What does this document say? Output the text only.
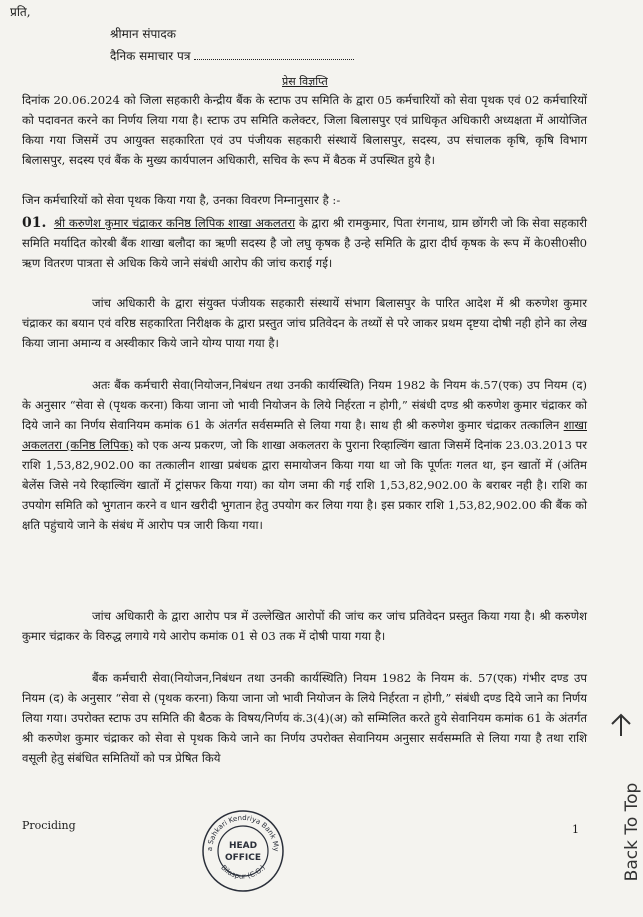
प्रति,
श्रीमान संपादक
दैनिक समाचार पत्र
प्रेस विज्ञप्ति
दिनांक 20.06.2024 को जिला सहकारी केन्द्रीय बैंक के स्टाफ उप समिति के द्वारा 05 कर्मचारियों को सेवा पृथक एवं 02 कर्मचारियों को पदावनत करने का निर्णय लिया गया है। स्टाफ उप समिति कलेक्टर, जिला बिलासपुर एवं प्राधिकृत अधिकारी अध्यक्षता में आयोजित किया गया जिसमें उप आयुक्त सहकारिता एवं उप पंजीयक सहकारी संस्थायें बिलासपुर, सदस्य, उप संचालक कृषि, कृषि विभाग बिलासपुर, सदस्य एवं बैंक के मुख्य कार्यपालन अधिकारी, सचिव के रूप में बैठक में उपस्थित हुये है।
जिन कर्मचारियों को सेवा पृथक किया गया है, उनका विवरण निम्नानुसार है :-
01. श्री करुणेश कुमार चंद्राकर कनिष्ठ लिपिक शाखा अकलतरा के द्वारा श्री रामकुमार, पिता रंगनाथ, ग्राम छोंगरी जो कि सेवा सहकारी समिति मर्यादित कोरबी बैंक शाखा बलौदा का ऋणी सदस्य है जो लघु कृषक है उन्हे समिति के द्वारा दीर्घ कृषक के रूप में के0सी0सी0 ऋण वितरण पात्रता से अधिक किये जाने संबंधी आरोप की जांच कराई गई।
जांच अधिकारी के द्वारा संयुक्त पंजीयक सहकारी संस्थायें संभाग बिलासपुर के पारित आदेश में श्री करुणेश कुमार चंद्राकर का बयान एवं वरिष्ठ सहकारिता निरीक्षक के द्वारा प्रस्तुत जांच प्रतिवेदन के तथ्यों से परे जाकर प्रथम दृष्टया दोषी नही होने का लेख किया जाना अमान्य व अस्वीकार किये जाने योग्य पाया गया है।
अतः बैंक कर्मचारी सेवा(नियोजन,निबंधन तथा उनकी कार्यस्थिति) नियम 1982 के नियम कं.57(एक) उप नियम (द) के अनुसार “सेवा से (पृथक करना) किया जाना जो भावी नियोजन के लिये निर्हरता न होगी,” संबंधी दण्ड श्री करुणेश कुमार चंद्राकर को दिये जाने का निर्णय सेवानियम कमांक 61 के अंतर्गत सर्वसम्मति से लिया गया है। साथ ही श्री करुणेश कुमार चंद्राकर तत्कालिन शाखा अकलतरा (कनिष्ठ लिपिक) को एक अन्य प्रकरण, जो कि शाखा अकलतरा के पुराना रिव्हाल्विंग खाता जिसमें दिनांक 23.03.2013 पर राशि 1,53,82,902.00 का तत्कालीन शाखा प्रबंधक द्वारा समायोजन किया गया था जो कि पूर्णतः गलत था, इन खातों में (अंतिम बेलेंस जिसे नये रिव्हाल्विंग खातों में ट्रांसफर किया गया) का योग जमा की गई राशि 1,53,82,902.00 के बराबर नही है। राशि का उपयोग समिति को भुगतान करने व धान खरीदी भुगतान हेतु उपयोग कर लिया गया है। इस प्रकार राशि 1,53,82,902.00 की बैंक को क्षति पहुंचाये जाने के संबंध में आरोप पत्र जारी किया गया।
जांच अधिकारी के द्वारा आरोप पत्र में उल्लेखित आरोपों की जांच कर जांच प्रतिवेदन प्रस्तुत किया गया है। श्री करुणेश कुमार चंद्राकर के विरुद्ध लगाये गये आरोप कमांक 01 से 03 तक में दोषी पाया गया है।
बैंक कर्मचारी सेवा(नियोजन,निबंधन तथा उनकी कार्यस्थिति) नियम 1982 के नियम कं. 57(एक) गंभीर दण्ड उप नियम (द) के अनुसार “सेवा से (पृथक करना) किया जाना जो भावी नियोजन के लिये निर्हरता न होगी,” संबंधी दण्ड दिये जाने का निर्णय लिया गया। उपरोक्त स्टाफ उप समिति की बैठक के विषय/निर्णय कं.3(4)(अ) को सम्मिलित करते हुये सेवानियम कमांक 61 के अंतर्गत श्री करुणेश कुमार चंद्राकर को सेवा से पृथक किये जाने का निर्णय उपरोक्त सेवानियम अनुसार सर्वसम्मति से लिया गया है तथा राशि वसूली हेतु संबंधित समितियों को पत्र प्रेषित किये
Prociding	1
a Sahkari Kendriya Bank My
HEAD
OFFICE
Bilaspur (C.G.)	Back To Top
